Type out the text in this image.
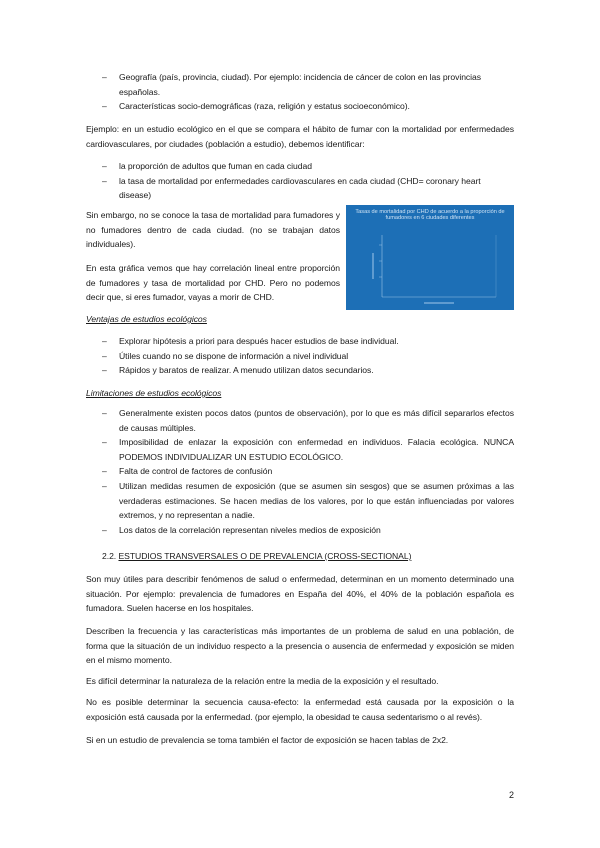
– Geografía (país, provincia, ciudad). Por ejemplo: incidencia de cáncer de colon en las provincias españolas.
– Características socio-demográficas (raza, religión y estatus socioeconómico).

Ejemplo: en un estudio ecológico en el que se compara el hábito de fumar con la mortalidad por enfermedades cardiovasculares, por ciudades (población a estudio), debemos identificar:

– la proporción de adultos que fuman en cada ciudad
– la tasa de mortalidad por enfermedades cardiovasculares en cada ciudad (CHD= coronary heart disease)

Sin embargo, no se conoce la tasa de mortalidad para fumadores y no fumadores dentro de cada ciudad. (no se trabajan datos individuales).

En esta gráfica vemos que hay correlación lineal entre proporción de fumadores y tasa de mortalidad por CHD. Pero no podemos decir que, si eres fumador, vayas a morir de CHD.

Tasas de mortalidad por CHD de acuerdo a la proporción de fumadores en 6 ciudades diferentes

Ventajas de estudios ecológicos

– Explorar hipótesis a priori para después hacer estudios de base individual.
– Útiles cuando no se dispone de información a nivel individual
– Rápidos y baratos de realizar. A menudo utilizan datos secundarios.

Limitaciones de estudios ecológicos

– Generalmente existen pocos datos (puntos de observación), por lo que es más difícil separarlos efectos de causas múltiples.
– Imposibilidad de enlazar la exposición con enfermedad en individuos. Falacia ecológica. NUNCA PODEMOS INDIVIDUALIZAR UN ESTUDIO ECOLÓGICO.
– Falta de control de factores de confusión
– Utilizan medidas resumen de exposición (que se asumen sin sesgos) que se asumen próximas a las verdaderas estimaciones. Se hacen medias de los valores, por lo que están influenciadas por valores extremos, y no representan a nadie.
– Los datos de la correlación representan niveles medios de exposición

2.2. ESTUDIOS TRANSVERSALES O DE PREVALENCIA (CROSS-SECTIONAL)

Son muy útiles para describir fenómenos de salud o enfermedad, determinan en un momento determinado una situación. Por ejemplo: prevalencia de fumadores en España del 40%, el 40% de la población española es fumadora. Suelen hacerse en los hospitales.

Describen la frecuencia y las características más importantes de un problema de salud en una población, de forma que la situación de un individuo respecto a la presencia o ausencia de enfermedad y exposición se miden en el mismo momento.

Es difícil determinar la naturaleza de la relación entre la media de la exposición y el resultado.

No es posible determinar la secuencia causa-efecto: la enfermedad está causada por la exposición o la exposición está causada por la enfermedad. (por ejemplo, la obesidad te causa sedentarismo o al revés).

Si en un estudio de prevalencia se toma también el factor de exposición se hacen tablas de 2x2.

2
